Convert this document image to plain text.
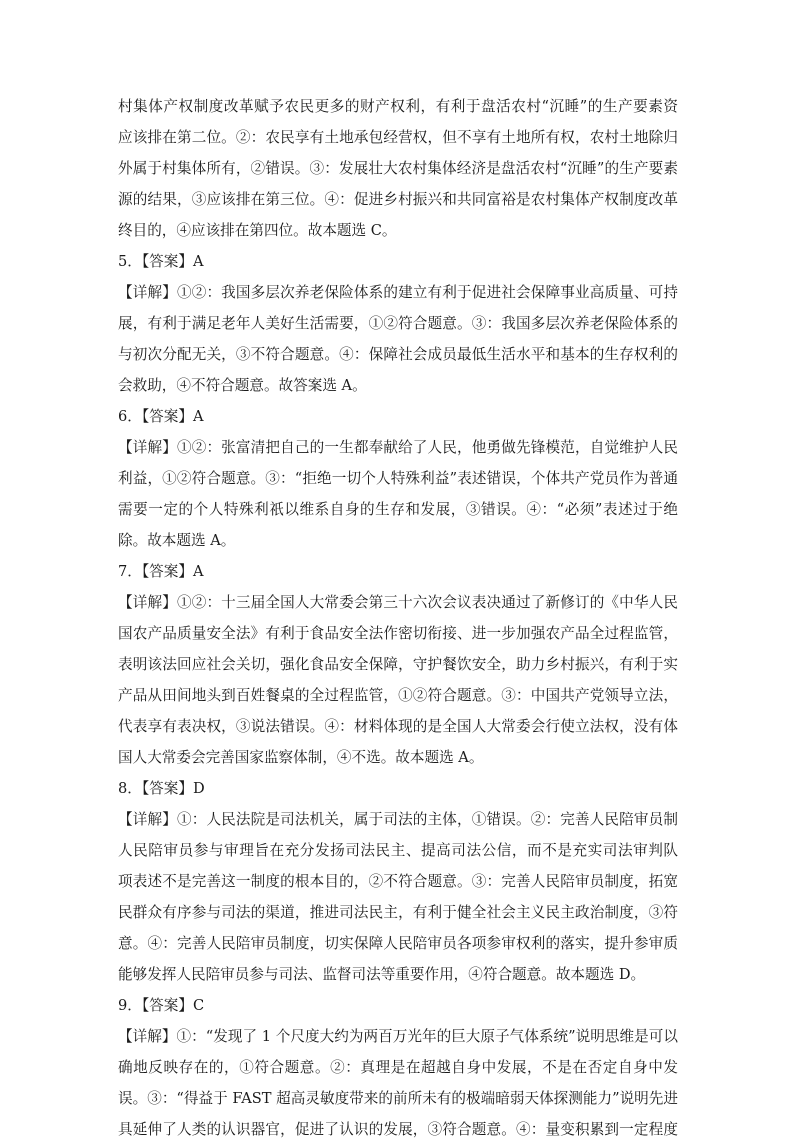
村集体产权制度改革赋予农民更多的财产权利，有利于盘活农村“沉睡”的生产要素资
应该排在第二位。②：农民享有土地承包经营权，但不享有土地所有权，农村土地除归
外属于村集体所有，②错误。③：发展壮大农村集体经济是盘活农村“沉睡”的生产要素
源的结果，③应该排在第三位。④：促进乡村振兴和共同富裕是农村集体产权制度改革
终目的，④应该排在第四位。故本题选 C。
5．【答案】A
【详解】①②：我国多层次养老保险体系的建立有利于促进社会保障事业高质量、可持
展，有利于满足老年人美好生活需要，①②符合题意。③：我国多层次养老保险体系的
与初次分配无关，③不符合题意。④：保障社会成员最低生活水平和基本的生存权利的
会救助，④不符合题意。故答案选 A。
6．【答案】A
【详解】①②：张富清把自己的一生都奉献给了人民，他勇做先锋模范，自觉维护人民
利益，①②符合题意。③：“拒绝一切个人特殊利益”表述错误，个体共产党员作为普通
需要一定的个人特殊利祇以维系自身的生存和发展，③错误。④：“必须”表述过于绝
除。故本题选 A。
7．【答案】A
【详解】①②：十三届全国人大常委会第三十六次会议表决通过了新修订的《中华人民
国农产品质量安全法》有利于食品安全法作密切衔接、进一步加强农产品全过程监管，
表明该法回应社会关切，强化食品安全保障，守护餐饮安全，助力乡村振兴，有利于实
产品从田间地头到百姓餐桌的全过程监管，①②符合题意。③：中国共产党领导立法，
代表享有表决权，③说法错误。④：材料体现的是全国人大常委会行使立法权，没有体
国人大常委会完善国家监察体制，④不选。故本题选 A。
8．【答案】D
【详解】①：人民法院是司法机关，属于司法的主体，①错误。②：完善人民陪审员制
人民陪审员参与审理旨在充分发扬司法民主、提高司法公信，而不是充实司法审判队
项表述不是完善这一制度的根本目的，②不符合题意。③：完善人民陪审员制度，拓宽
民群众有序参与司法的渠道，推进司法民主，有利于健全社会主义民主政治制度，③符
意。④：完善人民陪审员制度，切实保障人民陪审员各项参审权利的落实，提升参审质
能够发挥人民陪审员参与司法、监督司法等重要作用，④符合题意。故本题选 D。
9．【答案】C
【详解】①：“发现了 1 个尺度大约为两百万光年的巨大原子气体系统”说明思维是可以
确地反映存在的，①符合题意。②：真理是在超越自身中发展，不是在否定自身中发
误。③：“得益于 FAST 超高灵敏度带来的前所未有的极端暗弱天体探测能力”说明先进
具延伸了人类的认识器官，促进了认识的发展，③符合题意。④：量变积累到一定程度
